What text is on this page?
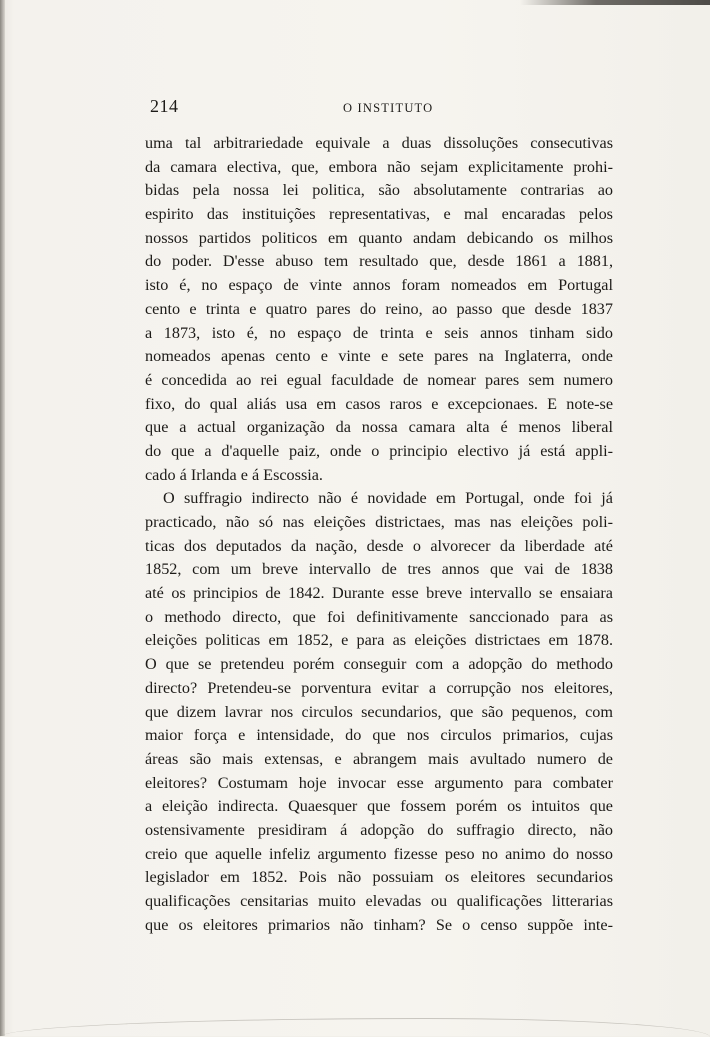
214	O INSTITUTO
uma tal arbitrariedade equivale a duas dissoluções consecutivas
da camara electiva, que, embora não sejam explicitamente prohi-
bidas pela nossa lei politica, são absolutamente contrarias ao
espirito das instituições representativas, e mal encaradas pelos
nossos partidos politicos em quanto andam debicando os milhos
do poder. D'esse abuso tem resultado que, desde 1861 a 1881,
isto é, no espaço de vinte annos foram nomeados em Portugal
cento e trinta e quatro pares do reino, ao passo que desde 1837
a 1873, isto é, no espaço de trinta e seis annos tinham sido
nomeados apenas cento e vinte e sete pares na Inglaterra, onde
é concedida ao rei egual faculdade de nomear pares sem numero
fixo, do qual aliás usa em casos raros e excepcionaes. E note-se
que a actual organização da nossa camara alta é menos liberal
do que a d'aquelle paiz, onde o principio electivo já está appli-
cado á Irlanda e á Escossia.
O suffragio indirecto não é novidade em Portugal, onde foi já
practicado, não só nas eleições districtaes, mas nas eleições poli-
ticas dos deputados da nação, desde o alvorecer da liberdade até
1852, com um breve intervallo de tres annos que vai de 1838
até os principios de 1842. Durante esse breve intervallo se ensaiara
o methodo directo, que foi definitivamente sanccionado para as
eleições politicas em 1852, e para as eleições districtaes em 1878.
O que se pretendeu porém conseguir com a adopção do methodo
directo? Pretendeu-se porventura evitar a corrupção nos eleitores,
que dizem lavrar nos circulos secundarios, que são pequenos, com
maior força e intensidade, do que nos circulos primarios, cujas
áreas são mais extensas, e abrangem mais avultado numero de
eleitores? Costumam hoje invocar esse argumento para combater
a eleição indirecta. Quaesquer que fossem porém os intuitos que
ostensivamente presidiram á adopção do suffragio directo, não
creio que aquelle infeliz argumento fizesse peso no animo do nosso
legislador em 1852. Pois não possuiam os eleitores secundarios
qualificações censitarias muito elevadas ou qualificações litterarias
que os eleitores primarios não tinham? Se o censo suppõe inte-
